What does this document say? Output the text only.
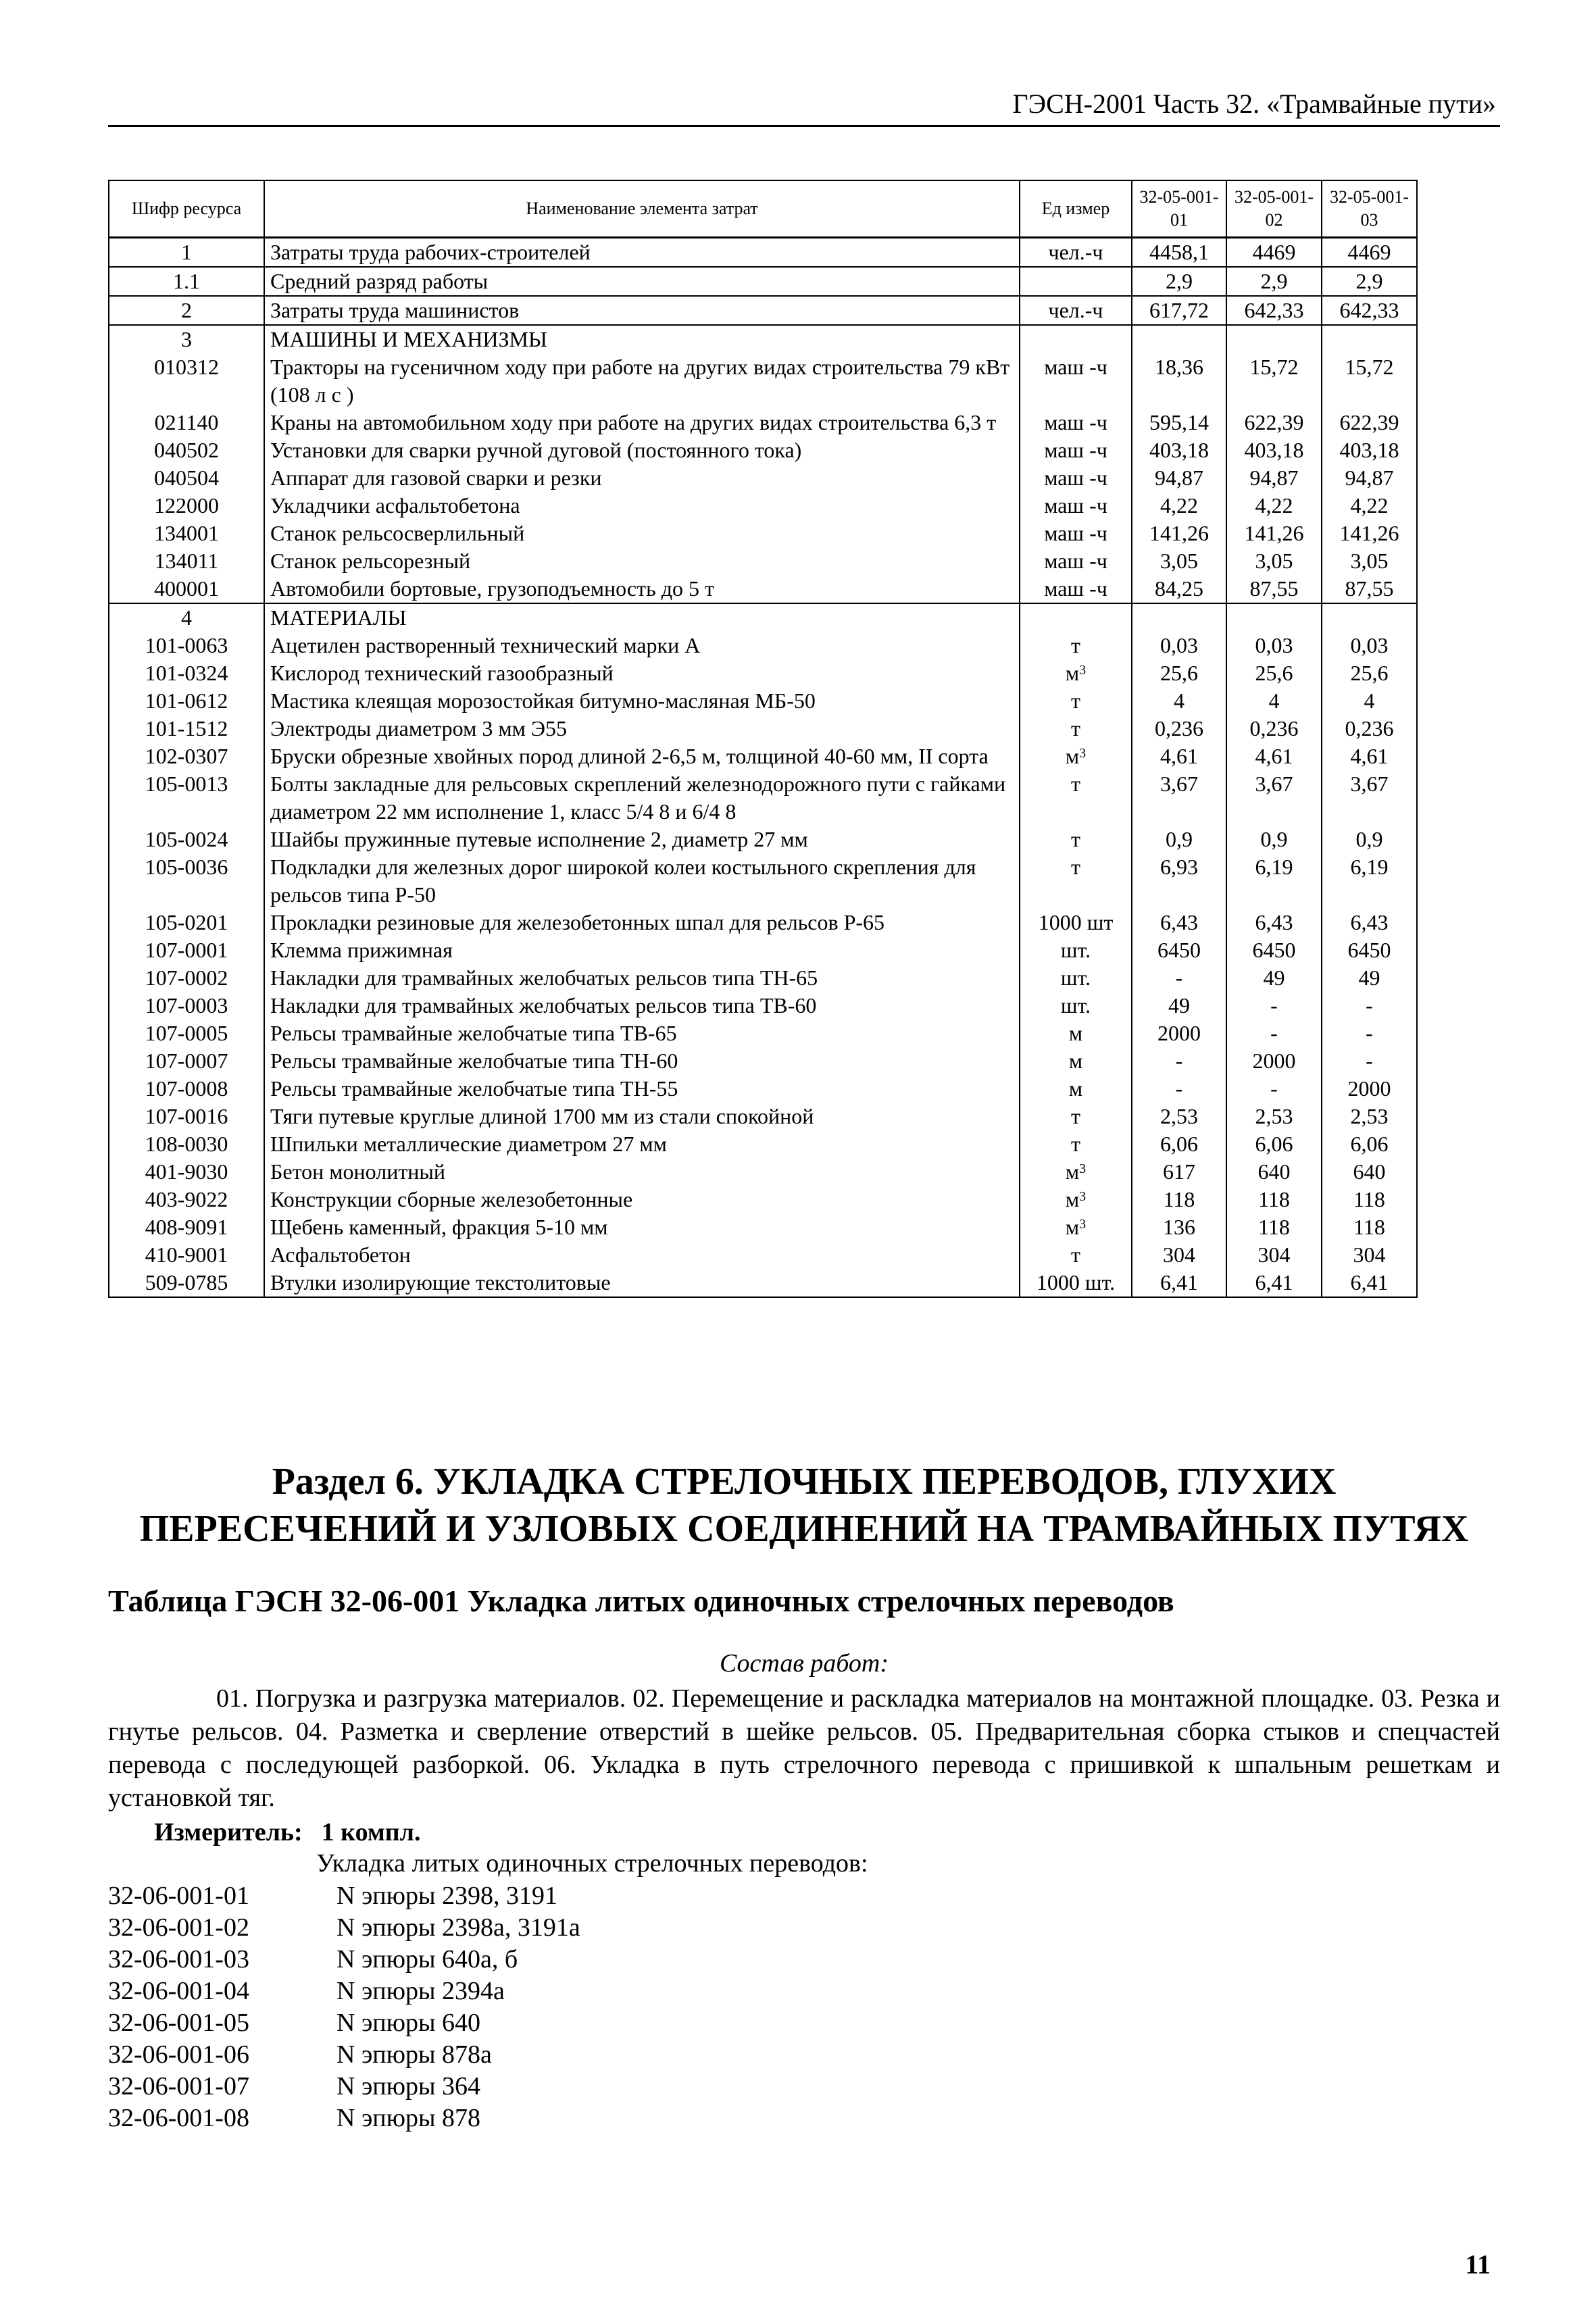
ГЭСН-2001 Часть 32. «Трамвайные пути»
Шифр ресурса	Наименование элемента затрат	Ед измер	32-05-001-01	32-05-001-02	32-05-001-03
1	Затраты труда рабочих-строителей	чел.-ч	4458,1	4469	4469
1.1	Средний разряд работы		2,9	2,9	2,9
2	Затраты труда машинистов	чел.-ч	617,72	642,33	642,33
3	МАШИНЫ И МЕХАНИЗМЫ				
010312	Тракторы на гусеничном ходу при работе на других видах строительства 79 кВт (108 л с )	маш -ч	18,36	15,72	15,72
021140	Краны на автомобильном ходу при работе на других видах строительства 6,3 т	маш -ч	595,14	622,39	622,39
040502	Установки для сварки ручной дуговой (постоянного тока)	маш -ч	403,18	403,18	403,18
040504	Аппарат для газовой сварки и резки	маш -ч	94,87	94,87	94,87
122000	Укладчики асфальтобетона	маш -ч	4,22	4,22	4,22
134001	Станок рельсосверлильный	маш -ч	141,26	141,26	141,26
134011	Станок рельсорезный	маш -ч	3,05	3,05	3,05
400001	Автомобили бортовые, грузоподъемность до 5 т	маш -ч	84,25	87,55	87,55
4	МАТЕРИАЛЫ				
101-0063	Ацетилен растворенный технический марки А	т	0,03	0,03	0,03
101-0324	Кислород технический газообразный	$м^3$	25,6	25,6	25,6
101-0612	Мастика клеящая морозостойкая битумно-масляная МБ-50	т	4	4	4
101-1512	Электроды диаметром 3 мм Э55	т	0,236	0,236	0,236
102-0307	Бруски обрезные хвойных пород длиной 2-6,5 м, толщиной 40-60 мм, II сорта	$м^3$	4,61	4,61	4,61
105-0013	Болты закладные для рельсовых скреплений железнодорожного пути с гайками диаметром 22 мм исполнение 1, класс 5/4 8 и 6/4 8	т	3,67	3,67	3,67
105-0024	Шайбы пружинные путевые исполнение 2, диаметр 27 мм	т	0,9	0,9	0,9
105-0036	Подкладки для железных дорог широкой колеи костыльного скрепления для рельсов типа Р-50	т	6,93	6,19	6,19
105-0201	Прокладки резиновые для железобетонных шпал для рельсов Р-65	1000 шт	6,43	6,43	6,43
107-0001	Клемма прижимная	шт.	6450	6450	6450
107-0002	Накладки для трамвайных желобчатых рельсов типа ТН-65	шт.	-	49	49
107-0003	Накладки для трамвайных желобчатых рельсов типа ТВ-60	шт.	49	-	-
107-0005	Рельсы трамвайные желобчатые типа ТВ-65	м	2000	-	-
107-0007	Рельсы трамвайные желобчатые типа ТН-60	м	-	2000	-
107-0008	Рельсы трамвайные желобчатые типа ТН-55	м	-	-	2000
107-0016	Тяги путевые круглые длиной 1700 мм из стали спокойной	т	2,53	2,53	2,53
108-0030	Шпильки металлические диаметром 27 мм	т	6,06	6,06	6,06
401-9030	Бетон монолитный	$м^3$	617	640	640
403-9022	Конструкции сборные железобетонные	$м^3$	118	118	118
408-9091	Щебень каменный, фракция 5-10 мм	$м^3$	136	118	118
410-9001	Асфальтобетон	т	304	304	304
509-0785	Втулки изолирующие текстолитовые	1000 шт.	6,41	6,41	6,41
Раздел 6. УКЛАДКА СТРЕЛОЧНЫХ ПЕРЕВОДОВ, ГЛУХИХ
ПЕРЕСЕЧЕНИЙ И УЗЛОВЫХ СОЕДИНЕНИЙ НА ТРАМВАЙНЫХ ПУТЯХ
Таблица ГЭСН 32-06-001 Укладка литых одиночных стрелочных переводов
Состав работ:
01. Погрузка и разгрузка материалов. 02. Перемещение и раскладка материалов на монтажной площадке. 03. Резка и гнутье рельсов. 04. Разметка и сверление отверстий в шейке рельсов. 05. Предварительная сборка стыков и спецчастей перевода с последующей разборкой. 06. Укладка в путь стрелочного перевода с пришивкой к шпальным решеткам и установкой тяг.
Измеритель: 1 компл.
Укладка литых одиночных стрелочных переводов:
32-06-001-01	N эпюры 2398, 3191
32-06-001-02	N эпюры 2398а, 3191а
32-06-001-03	N эпюры 640а, б
32-06-001-04	N эпюры 2394а
32-06-001-05	N эпюры 640
32-06-001-06	N эпюры 878а
32-06-001-07	N эпюры 364
32-06-001-08	N эпюры 878
11
